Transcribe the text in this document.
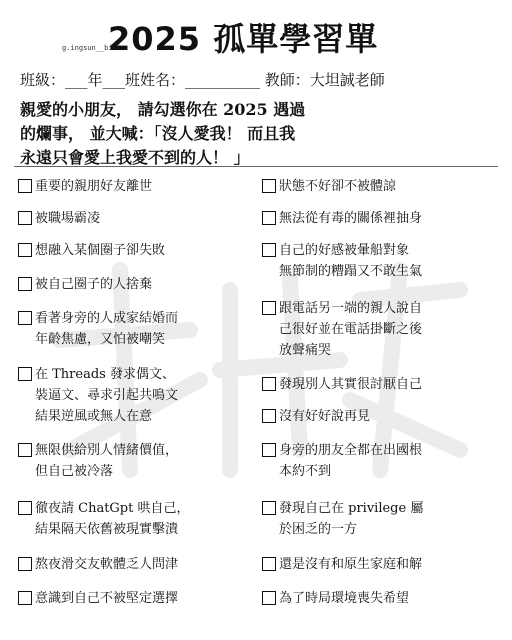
g.ingsun__bibi
2025 孤單學習單
班級：___年___班姓名：__________ 教師：大坦誠老師
親愛的小朋友， 請勾選你在 2025 遇過
的爛事， 並大喊：「沒人愛我！ 而且我
永遠只會愛上我愛不到的人！ 」
重要的親朋好友離世
被職場霸凌
想融入某個圈子卻失敗
被自己圈子的人捨棄
看著身旁的人成家結婚而
年齡焦慮，又怕被嘲笑
在 Threads 發求偶文、
裝逼文、尋求引起共鳴文
結果逆風或無人在意
無限供給別人情緒價值，
但自己被冷落
徹夜請 ChatGpt 哄自己，
結果隔天依舊被現實擊潰
熬夜滑交友軟體乏人問津
意識到自己不被堅定選擇
狀態不好卻不被體諒
無法從有毒的關係裡抽身
自己的好感被暈船對象
無節制的糟蹋又不敢生氣
跟電話另一端的親人說自
己很好並在電話掛斷之後
放聲痛哭
發現別人其實很討厭自己
沒有好好說再見
身旁的朋友全都在出國根
本約不到
發現自己在 privilege 屬
於困乏的一方
還是沒有和原生家庭和解
為了時局環境喪失希望
